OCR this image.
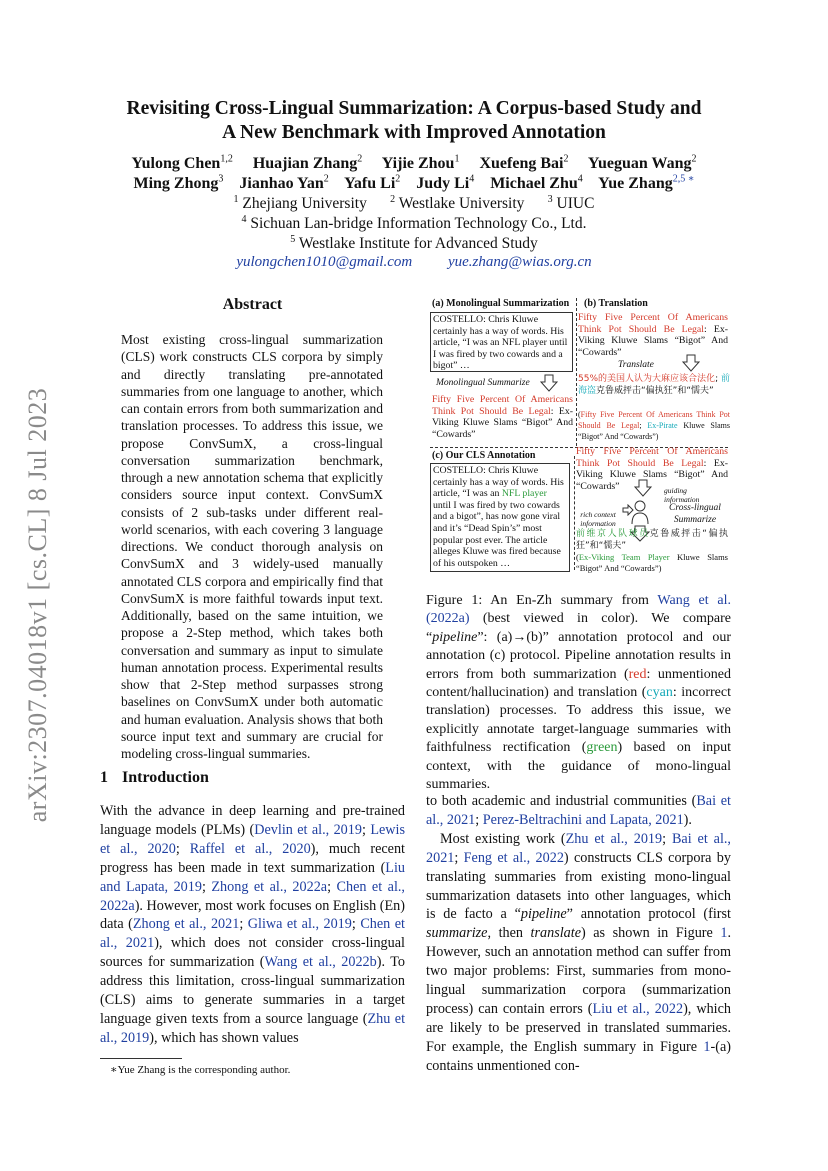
arXiv:2307.04018v1 [cs.CL] 8 Jul 2023
Revisiting Cross-Lingual Summarization: A Corpus-based Study and
A New Benchmark with Improved Annotation
Yulong Chen$^{1,2}$ Huajian Zhang$^2$ Yijie Zhou$^1$ Xuefeng Bai$^2$ Yueguan Wang$^2$
Ming Zhong$^3$ Jianhao Yan$^2$ Yafu Li$^2$ Judy Li$^4$ Michael Zhu$^4$ Yue Zhang$^{2,5 ∗}$
$^1$ Zhejiang University $^2$ Westlake University $^3$ UIUC
$^4$ Sichuan Lan-bridge Information Technology Co., Ltd.
$^5$ Westlake Institute for Advanced Study
yulongchen1010@gmail.com yue.zhang@wias.org.cn
Abstract
Most existing cross-lingual summarization (CLS) work constructs CLS corpora by simply and directly translating pre-annotated summaries from one language to another, which can contain errors from both summarization and translation processes. To address this issue, we propose ConvSumX, a cross-lingual conversation summarization benchmark, through a new annotation schema that explicitly considers source input context. ConvSumX consists of 2 sub-tasks under different real-world scenarios, with each covering 3 language directions. We conduct thorough analysis on ConvSumX and 3 widely-used manually annotated CLS corpora and empirically find that ConvSumX is more faithful towards input text. Additionally, based on the same intuition, we propose a 2-Step method, which takes both conversation and summary as input to simulate human annotation process. Experimental results show that 2-Step method surpasses strong baselines on ConvSumX under both automatic and human evaluation. Analysis shows that both source input text and summary are crucial for modeling cross-lingual summaries.
1 Introduction
With the advance in deep learning and pre-trained language models (PLMs) (Devlin et al., 2019; Lewis et al., 2020; Raffel et al., 2020), much recent progress has been made in text summarization (Liu and Lapata, 2019; Zhong et al., 2022a; Chen et al., 2022a). However, most work focuses on English (En) data (Zhong et al., 2021; Gliwa et al., 2019; Chen et al., 2021), which does not consider cross-lingual sources for summarization (Wang et al., 2022b). To address this limitation, cross-lingual summarization (CLS) aims to generate summaries in a target language given texts from a source language (Zhu et al., 2019), which has shown values
∗Yue Zhang is the corresponding author.
(a) Monolingual Summarization (b) Translation
COSTELLO: Chris Kluwe certainly has a way of words. His article, “I was an NFL player until I was fired by two cowards and a bigot” …
Monolingual Summarize
Fifty Five Percent Of Americans Think Pot Should Be Legal: Ex-Viking Kluwe Slams “Bigot” And “Cowards”
Fifty Five Percent Of Americans Think Pot Should Be Legal: Ex-Viking Kluwe Slams “Bigot” And “Cowards”
Translate
55%的美国人认为大麻应该合法化; 前海盗克鲁威抨击“偏执狂”和“懦夫”
(Fifty Five Percent Of Americans Think Pot Should Be Legal; Ex-Pirate Kluwe Slams “Bigot” And “Cowards”)
(c) Our CLS Annotation
COSTELLO: Chris Kluwe certainly has a way of words. His article, “I was an NFL player until I was fired by two cowards and a bigot”, has now gone viral and it’s “Dead Spin’s” most popular post ever. The article alleges Kluwe was fired because of his outspoken …
Fifty Five Percent Of Americans Think Pot Should Be Legal: Ex-Viking Kluwe Slams “Bigot” And “Cowards”	guiding information
rich context information
Cross-lingual Summarize
前维京人队球员克鲁威抨击“偏执狂”和“懦夫”
(Ex-Viking Team Player Kluwe Slams “Bigot” And “Cowards”)
Figure 1: An En-Zh summary from Wang et al. (2022a) (best viewed in color). We compare “pipeline”: (a)→(b)” annotation protocol and our annotation (c) protocol. Pipeline annotation results in errors from both summarization (red: unmentioned content/hallucination) and translation (cyan: incorrect translation) processes. To address this issue, we explicitly annotate target-language summaries with faithfulness rectification (green) based on input context, with the guidance of mono-lingual summaries.
to both academic and industrial communities (Bai et al., 2021; Perez-Beltrachini and Lapata, 2021).
Most existing work (Zhu et al., 2019; Bai et al., 2021; Feng et al., 2022) constructs CLS corpora by translating summaries from existing mono-lingual summarization datasets into other languages, which is de facto a “pipeline” annotation protocol (first summarize, then translate) as shown in Figure 1. However, such an annotation method can suffer from two major problems: First, summaries from mono-lingual summarization corpora (summarization process) can contain errors (Liu et al., 2022), which are likely to be preserved in translated summaries. For example, the English summary in Figure 1-(a) contains unmentioned con-
